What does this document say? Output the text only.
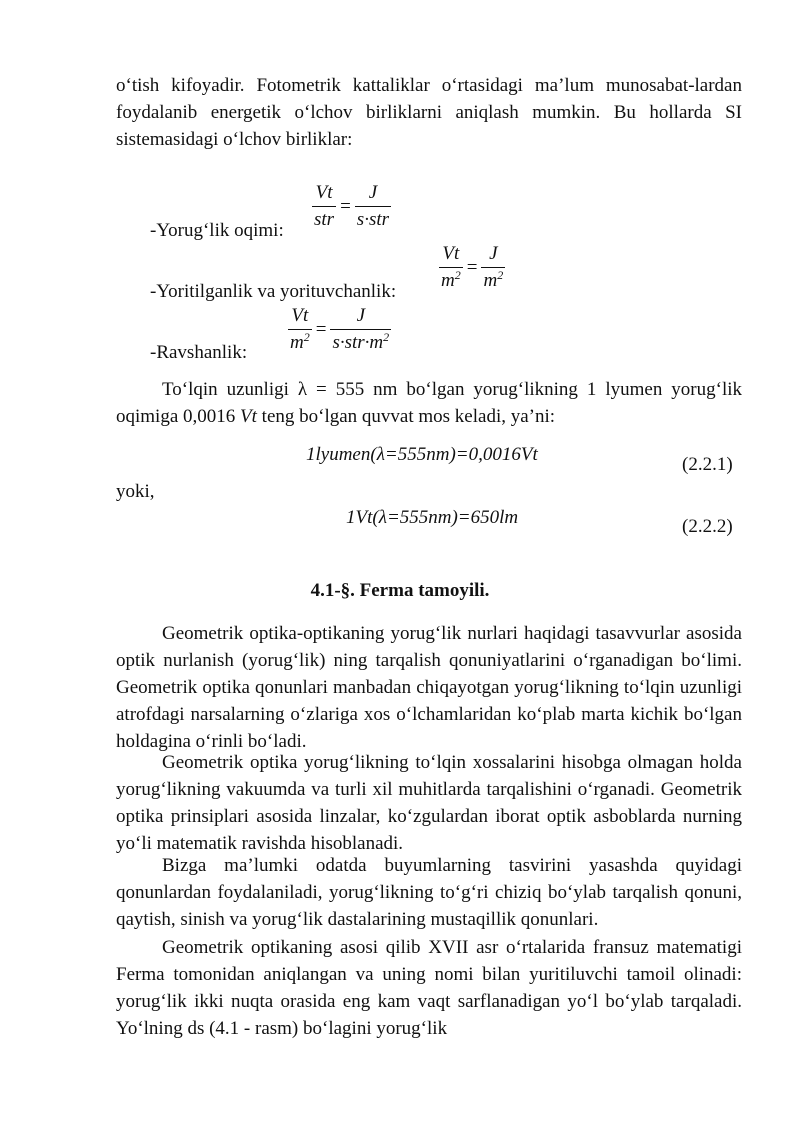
o‘tish kifoyadir. Fotometrik kattaliklar o‘rtasidagi ma’lum munosabat-lardan foydalanib energetik o‘lchov birliklarni aniqlash mumkin. Bu hollarda SI sistemasidagi o‘lchov birliklar:

-Yorug‘lik oqimi: $\frac{Vt}{\text{str}} = \frac{J}{\text{s·str}}$
-Yoritilganlik va yorituvchanlik: $\frac{Vt}{m^2} = \frac{J}{m^2}$
-Ravshanlik: $\frac{Vt}{m^2} = \frac{J}{s\cdot str\cdot m^2}$

To‘lqin uzunligi λ = 555 nm bo‘lgan yorug‘likning 1 lyumen yorug‘lik oqimiga 0,0016 Vt teng bo‘lgan quvvat mos keladi, ya’ni:

1lyumen(λ=555nm)=0,0016Vt	(2.2.1)
yoki,
1Vt(λ=555nm)=650lm	(2.2.2)

4.1-§. Ferma tamoyili.

Geometrik optika-optikaning yorug‘lik nurlari haqidagi tasavvurlar asosida optik nurlanish (yorug‘lik) ning tarqalish qonuniyatlarini o‘rganadigan bo‘limi. Geometrik optika qonunlari manbadan chiqayotgan yorug‘likning to‘lqin uzunligi atrofdagi narsalarning o‘zlariga xos o‘lchamlaridan ko‘plab marta kichik bo‘lgan holdagina o‘rinli bo‘ladi.

Geometrik optika yorug‘likning to‘lqin xossalarini hisobga olmagan holda yorug‘likning vakuumda va turli xil muhitlarda tarqalishini o‘rganadi. Geometrik optika prinsiplari asosida linzalar, ko‘zgulardan iborat optik asboblarda nurning yo‘li matematik ravishda hisoblanadi.

Bizga ma’lumki odatda buyumlarning tasvirini yasashda quyidagi qonunlardan foydalaniladi, yorug‘likning to‘g‘ri chiziq bo‘ylab tarqalish qonuni, qaytish, sinish va yorug‘lik dastalarining mustaqillik qonunlari.

Geometrik optikaning asosi qilib XVII asr o‘rtalarida fransuz matematigi Ferma tomonidan aniqlangan va uning nomi bilan yuritiluvchi tamoil olinadi: yorug‘lik ikki nuqta orasida eng kam vaqt sarflanadigan yo‘l bo‘ylab tarqaladi. Yo‘lning ds (4.1 - rasm) bo‘lagini yorug‘lik
